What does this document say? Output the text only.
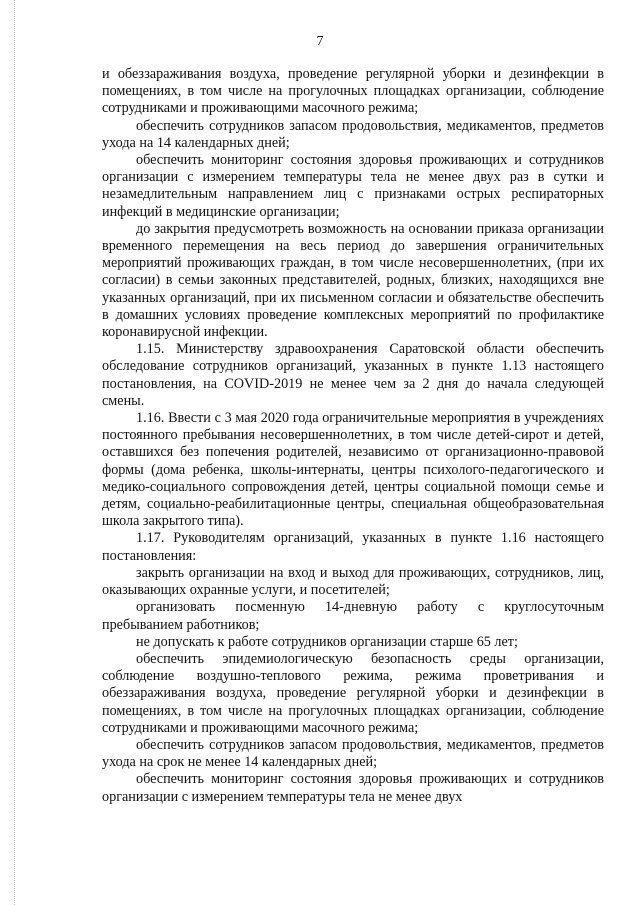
7

и обеззараживания воздуха, проведение регулярной уборки и дезинфекции в помещениях, в том числе на прогулочных площадках организации, соблюдение сотрудниками и проживающими масочного режима;

обеспечить сотрудников запасом продовольствия, медикаментов, предметов ухода на 14 календарных дней;

обеспечить мониторинг состояния здоровья проживающих и сотрудников организации с измерением температуры тела не менее двух раз в сутки и незамедлительным направлением лиц с признаками острых респираторных инфекций в медицинские организации;

до закрытия предусмотреть возможность на основании приказа организации временного перемещения на весь период до завершения ограничительных мероприятий проживающих граждан, в том числе несовершеннолетних, (при их согласии) в семьи законных представителей, родных, близких, находящихся вне указанных организаций, при их письменном согласии и обязательстве обеспечить в домашних условиях проведение комплексных мероприятий по профилактике коронавирусной инфекции.

1.15. Министерству здравоохранения Саратовской области обеспечить обследование сотрудников организаций, указанных в пункте 1.13 настоящего постановления, на COVID-2019 не менее чем за 2 дня до начала следующей смены.

1.16. Ввести с 3 мая 2020 года ограничительные мероприятия в учреждениях постоянного пребывания несовершеннолетних, в том числе детей-сирот и детей, оставшихся без попечения родителей, независимо от организационно-правовой формы (дома ребенка, школы-интернаты, центры психолого-педагогического и медико-социального сопровождения детей, центры социальной помощи семье и детям, социально-реабилитационные центры, специальная общеобразовательная школа закрытого типа).

1.17. Руководителям организаций, указанных в пункте 1.16 настоящего постановления:

закрыть организации на вход и выход для проживающих, сотрудников, лиц, оказывающих охранные услуги, и посетителей;

организовать посменную 14-дневную работу с круглосуточным пребыванием работников;

не допускать к работе сотрудников организации старше 65 лет;

обеспечить эпидемиологическую безопасность среды организации, соблюдение воздушно-теплового режима, режима проветривания и обеззараживания воздуха, проведение регулярной уборки и дезинфекции в помещениях, в том числе на прогулочных площадках организации, соблюдение сотрудниками и проживающими масочного режима;

обеспечить сотрудников запасом продовольствия, медикаментов, предметов ухода на срок не менее 14 календарных дней;

обеспечить мониторинг состояния здоровья проживающих и сотрудников организации с измерением температуры тела не менее двух
